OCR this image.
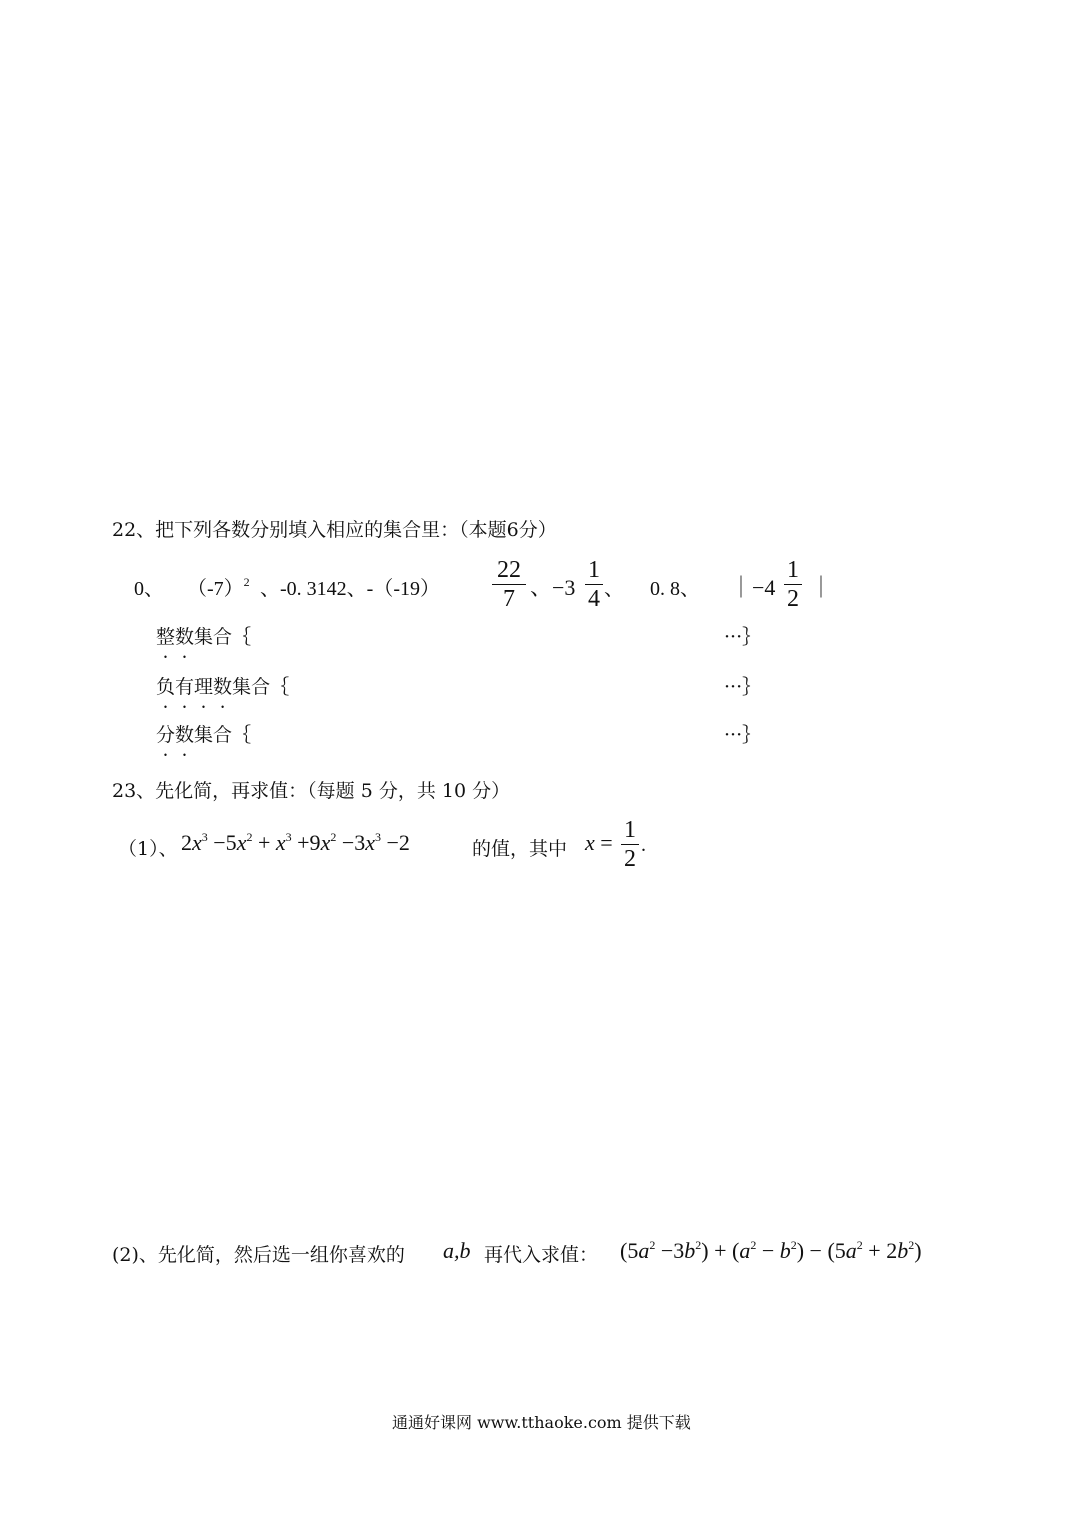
22、把下列各数分别填入相应的集合里：（本题6分）
0、 $(-7)^2$ 、-0. 3142、-（-19）
22
7 、−3
1
4 、 0. 8、 ｜−4
1
2 ｜
整数集合｛	···｝
负有理数集合｛	···｝
分数集合｛	···｝
23、先化简，再求值：（每题 5 分，共 10 分）
（1）、 $2x^3 -5x^2 + x^3 +9x^2 -3x^3 -2$	的值，其中 x = 1
2
.
(2)、先化简，然后选一组你喜欢的 a,b 再代入求值： $(5a^2 -3b^2) + (a^2 - b^2) - (5a^2 + 2b^2)$
通通好课网 www.tthaoke.com 提供下载
